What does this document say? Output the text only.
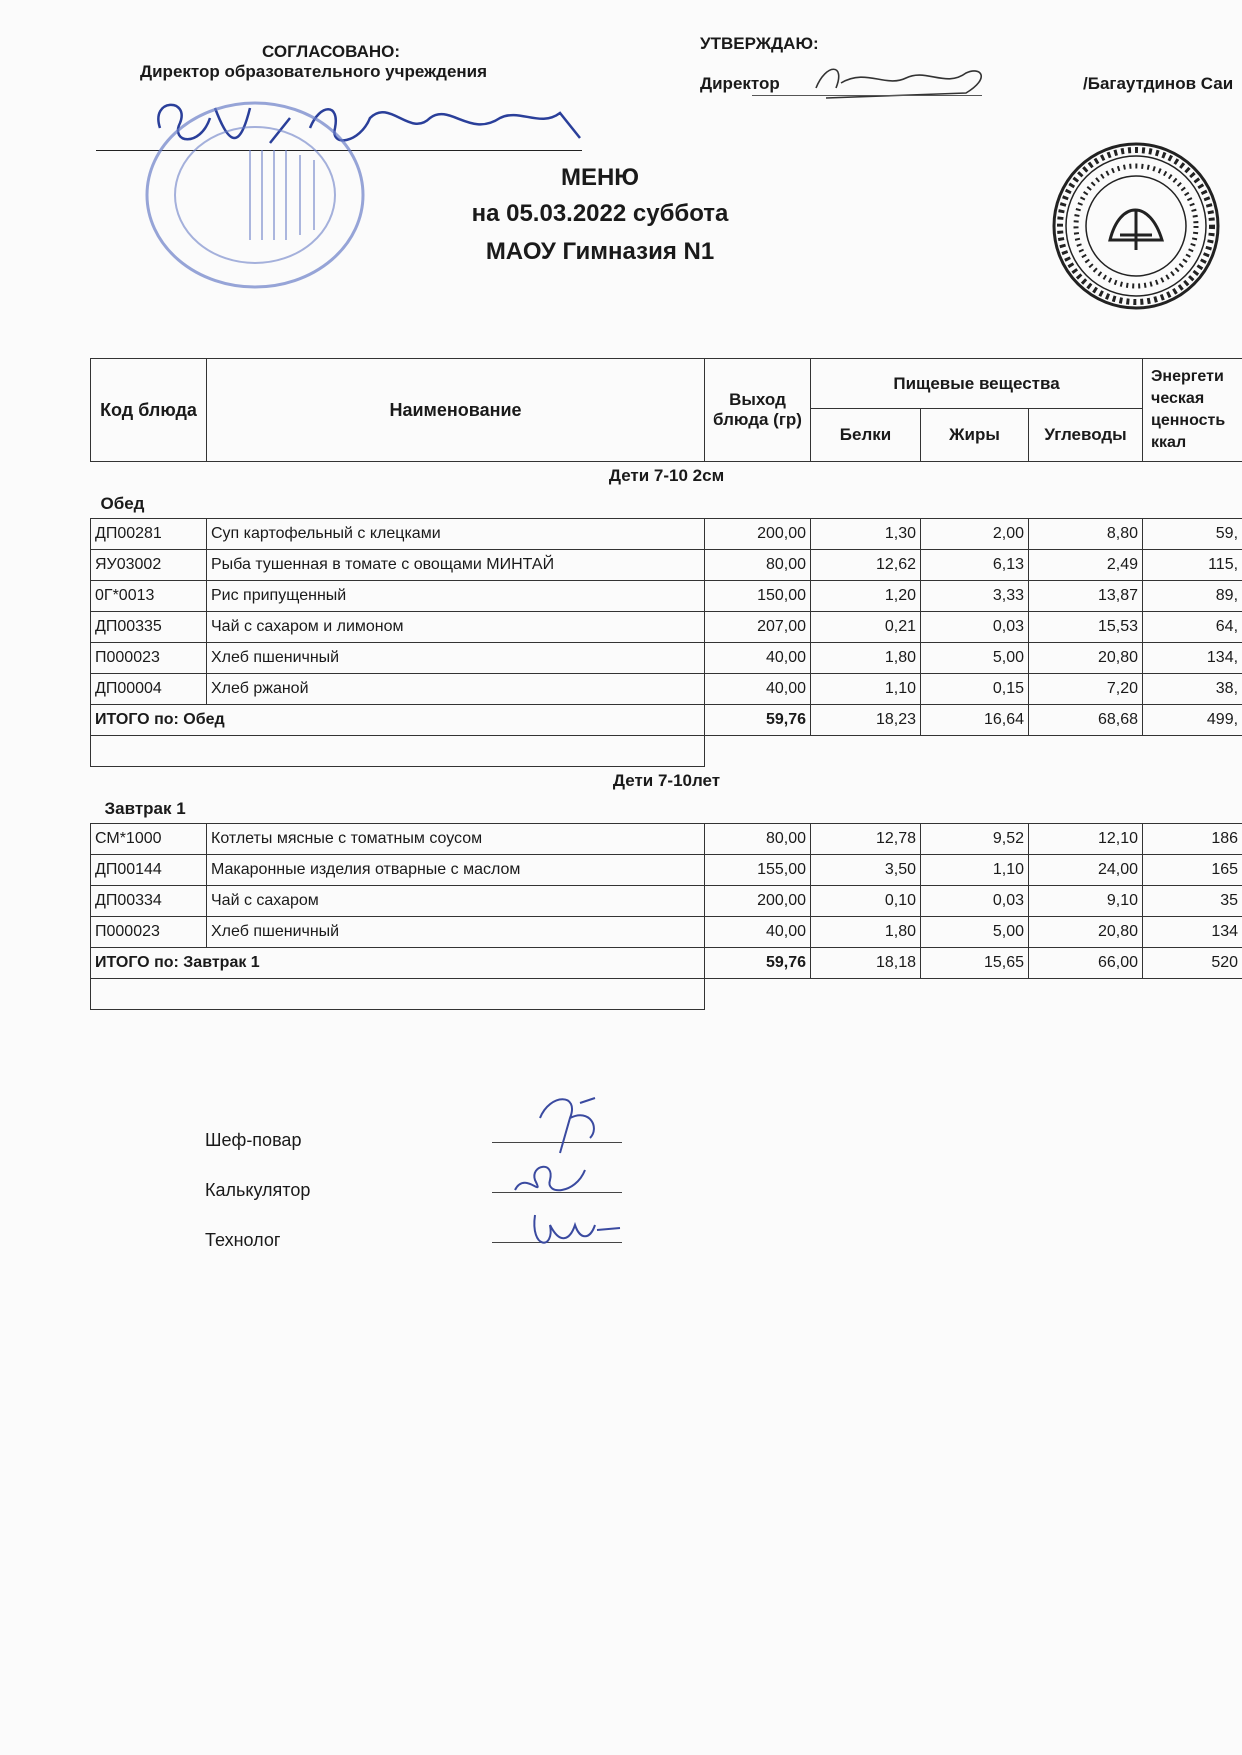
СОГЛАСОВАНО:
Директор образовательного учреждения
УТВЕРЖДАЮ:
Директор	/Багаутдинов Саи
МЕНЮ
на 05.03.2022 суббота
МАОУ Гимназия N1
Код блюда	Наименование	Выход блюда (гр)	Пищевые вещества			Энергети ческая ценность ккал
			Белки	Жиры	Углеводы	
Дети 7-10 2см						
Обед						
ДП00281	Суп картофельный с клецками	200,00	1,30	2,00	8,80	59,
ЯУ03002	Рыба тушенная в томате с овощами МИНТАЙ	80,00	12,62	6,13	2,49	115,
0Г*0013	Рис припущенный	150,00	1,20	3,33	13,87	89,
ДП00335	Чай с сахаром и лимоном	207,00	0,21	0,03	15,53	64,
П000023	Хлеб пшеничный	40,00	1,80	5,00	20,80	134,
ДП00004	Хлеб ржаной	40,00	1,10	0,15	7,20	38,
ИТОГО по: Обед		59,76	18,23	16,64	68,68	499,

Дети 7-10лет						
Завтрак 1						
СМ*1000	Котлеты мясные с томатным соусом	80,00	12,78	9,52	12,10	186
ДП00144	Макаронные изделия отварные с маслом	155,00	3,50	1,10	24,00	165
ДП00334	Чай с сахаром	200,00	0,10	0,03	9,10	35
П000023	Хлеб пшеничный	40,00	1,80	5,00	20,80	134
ИТОГО по: Завтрак 1		59,76	18,18	15,65	66,00	520

Шеф-повар
Калькулятор
Технолог
